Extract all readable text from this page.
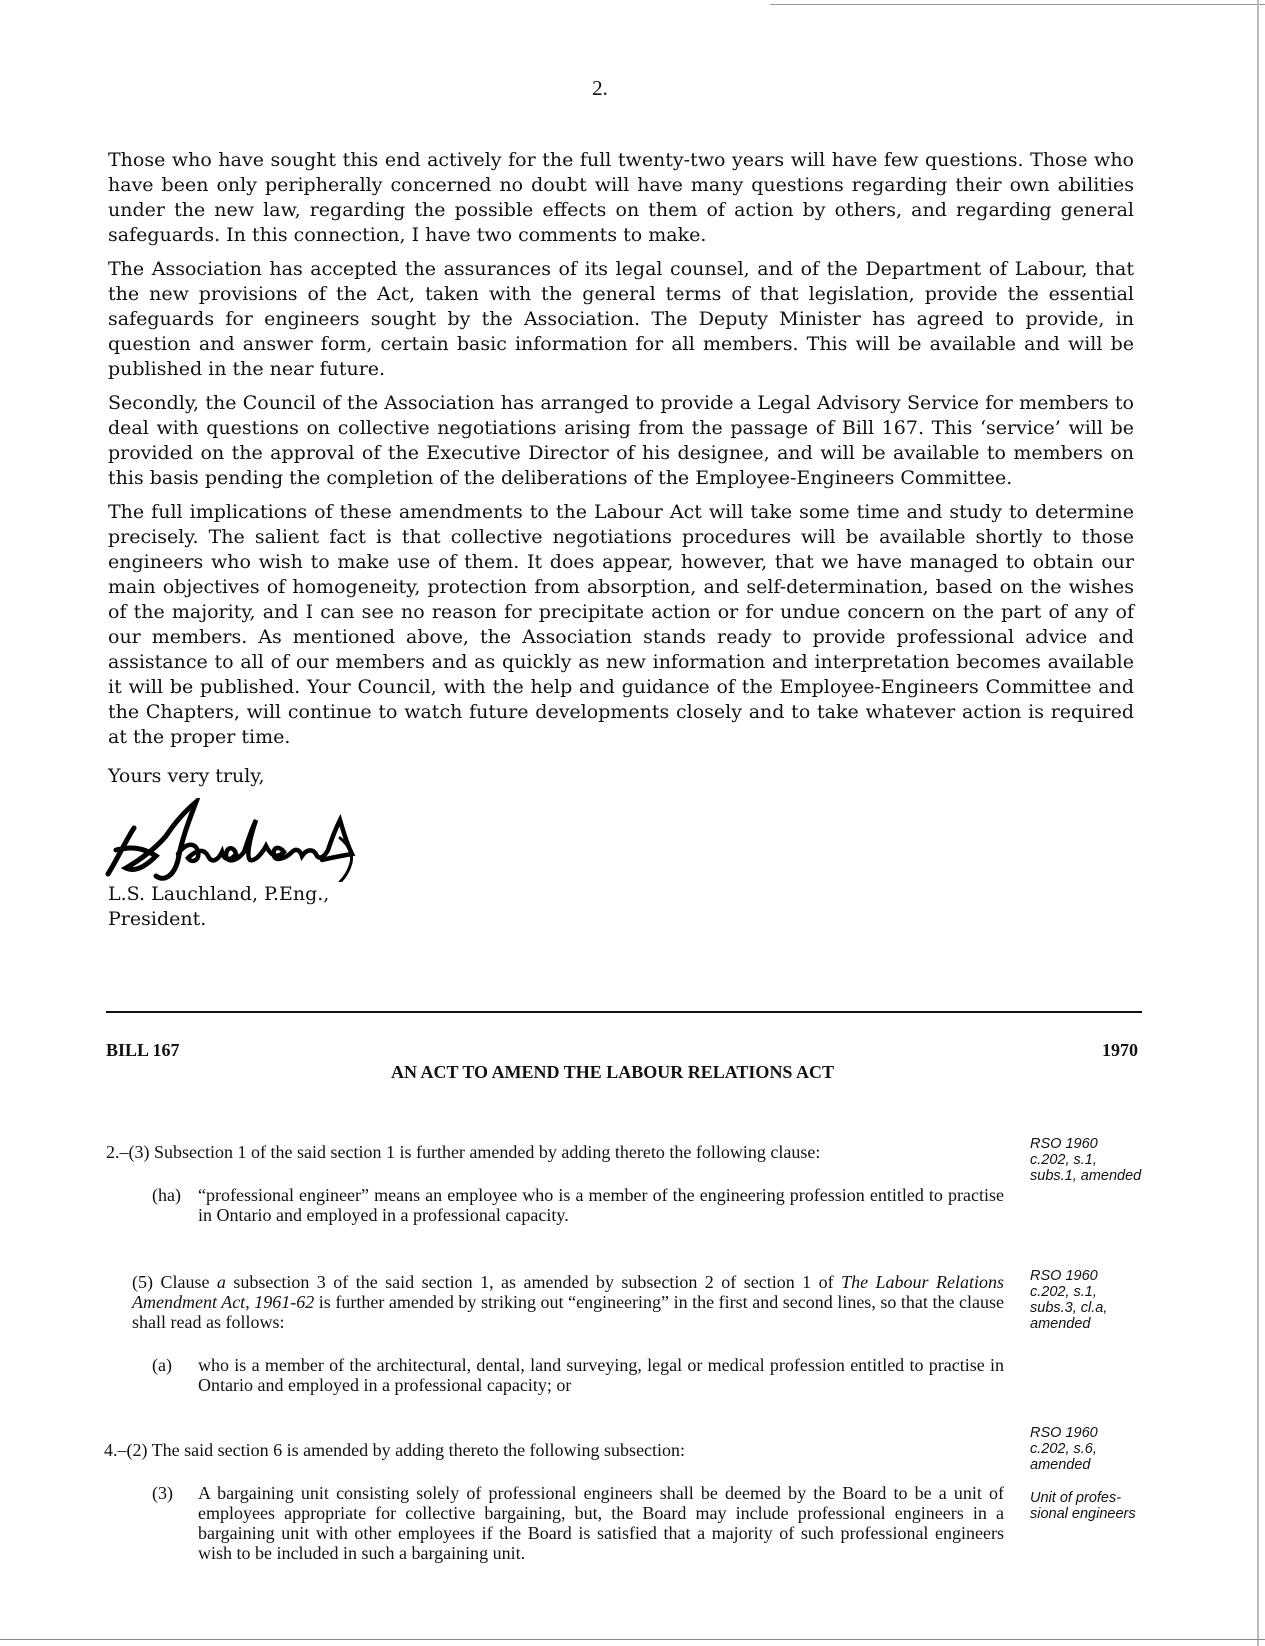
2.

Those who have sought this end actively for the full twenty-two years will have few questions. Those who have been only peripherally concerned no doubt will have many questions regarding their own abilities under the new law, regarding the possible effects on them of action by others, and regarding general safeguards. In this connection, I have two comments to make.

The Association has accepted the assurances of its legal counsel, and of the Department of Labour, that the new provisions of the Act, taken with the general terms of that legislation, provide the essential safeguards for engineers sought by the Association. The Deputy Minister has agreed to provide, in question and answer form, certain basic information for all members. This will be available and will be published in the near future.

Secondly, the Council of the Association has arranged to provide a Legal Advisory Service for members to deal with questions on collective negotiations arising from the passage of Bill 167. This ‘service’ will be provided on the approval of the Executive Director of his designee, and will be available to members on this basis pending the completion of the deliberations of the Employee-Engineers Committee.

The full implications of these amendments to the Labour Act will take some time and study to determine precisely. The salient fact is that collective negotiations procedures will be available shortly to those engineers who wish to make use of them. It does appear, however, that we have managed to obtain our main objectives of homogeneity, protection from absorption, and self-determination, based on the wishes of the majority, and I can see no reason for precipitate action or for undue concern on the part of any of our members. As mentioned above, the Association stands ready to provide professional advice and assistance to all of our members and as quickly as new information and interpretation becomes available it will be published. Your Council, with the help and guidance of the Employee-Engineers Committee and the Chapters, will continue to watch future developments closely and to take whatever action is required at the proper time.

Yours very truly,

L.S. Lauchland, P.Eng.,

President.

BILL 167	1970
AN ACT TO AMEND THE LABOUR RELATIONS ACT
2.–(3) Subsection 1 of the said section 1 is further amended by adding thereto the following clause:
(ha) “professional engineer” means an employee who is a member of the engineering profession entitled to practise in Ontario and employed in a professional capacity.
(5) Clause a subsection 3 of the said section 1, as amended by subsection 2 of section 1 of The Labour Relations Amendment Act, 1961-62 is further amended by striking out “engineering” in the first and second lines, so that the clause shall read as follows:
(a) who is a member of the architectural, dental, land surveying, legal or medical profession entitled to practise in Ontario and employed in a professional capacity; or
4.–(2) The said section 6 is amended by adding thereto the following subsection:
(3) A bargaining unit consisting solely of professional engineers shall be deemed by the Board to be a unit of employees appropriate for collective bargaining, but, the Board may include professional engineers in a bargaining unit with other employees if the Board is satisfied that a majority of such professional engineers wish to be included in such a bargaining unit.
RSO 1960
c.202, s.1,
subs.1, amended
RSO 1960
c.202, s.1,
subs.3, cl.a,
amended
RSO 1960
c.202, s.6,
amended
Unit of profes-
sional engineers
